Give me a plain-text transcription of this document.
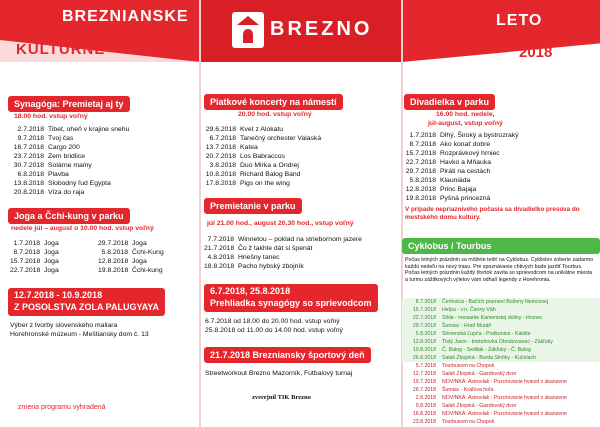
BREZNIANSKE
KULTÚRNE
LETO
2018
BREZNO
Synagóga: Premietaj aj ty
18.00 hod. vstup voľný
2.7.2018 Tibet, oheň v krajine snehu
9.7.2018 Tvoj čas
16.7.2018 Cargo 200
23.7.2018 Zem bridlice
30.7.2018 Solárne mamy
6.8.2018 Plavba
13.8.2018 Slobodný ľud Egypta
20.8.2018 Víza do raja
Joga a Čchi-kung v parku
nedele júl – august o 10.00 hod. vstup voľný
1.7.2018 Joga
8.7.2018 Joga
15.7.2018 Joga
22.7.2018 Joga
29.7.2018 Joga
5.8.2018 Čchi-Kung
12.8.2018 Joga
19.8.2018 Čchi-kung
12.7.2018 - 10.9.2018
Z POSOLSTVA ZOLA PALUGYAYA
Výber z tvorby slovenského maliara
Horehronské múzeum - Meštiansky dom č. 13
zmena programu vyhradená
Piatkové koncerty na námestí
20.00 hod. vstup voľný
29.6.2018 Kvet z Alokatu
6.7.2018 Tanečný orchester Valaská
13.7.2018 Katea
20.7.2018 Los Babraccos
3.8.2018 Duo Mirka a Ondrej
10.8.2018 Richard Balog Band
17.8.2018 Pigs on the wing
Premietanie v parku
júl 21.00 hod., august 20.30 hod., vstup voľný
7.7.2018 Winnetou – poklad na striebornom jazere
21.7.2018 Čo ž takhle dát si špenát
4.8.2018 Hriešny tanec
18.8.2018 Pacho hybský zbojník
6.7.2018, 25.8.2018
Prehliadka synagógy so sprievodcom
6.7.2018 od 18.00 do 20.00 hod. vstup voľný
25.8.2018 od 11.00 do 14.00 hod. vstup voľný
21.7.2018 Brezniansky športový deň
Streetworkout Brezno Mazorník, Futbalový turnaj
zverejnil TIK Brezno
Divadielka v parku
16.00 hod. nedele,
júl-august, vstup voľný
1.7.2018 Dlhý, Široký a bystrozraký
8.7.2018 Ako konať dobre
15.7.2018 Rozprávkový hrniec
22.7.2018 Havko a Mňauka
29.7.2018 Piráti na cestách
5.8.2018 Klauniáda
12.8.2018 Princ Bajaja
19.8.2018 Pyšná princezná
V prípade nepriaznivého počasia sa divadielko presúva do mestského domu kultúry.
Cyklobus / Tourbus
Počas letných prázdnin sa môžete tešiť na Cyklobus. Cyklistov zoberie zadarmo každú nedeľu na nový trasu. Pre spoznávanie chtivých bude jazdiť Tourbus. Počas letných prázdnin každý štvrtok zavíta so sprievodcom na unikátne miesta a turmu zážitkových výletov vám odhalí legendy z Horehronia.
8.7.2018 Čertovica - Bačích pramení Boženy Nemcovej
15.7.2018 Heľpa - v.n. Čierny Váh
22.7.2018 Sihla - mesiarke Kamenistej doliny - Hronec
29.7.2018 Šumiac - Hrad Muráň
5.8.2018 Slovenská Ľupča - Podkonice - Kalište
12.8.2018 Tlstý Javor - breteňovka Obrubovanec - Zákľuky
19.8.2018 Č. Balog - Sedliak - Zákľuky - Č. Balog
26.8.2018 Salaš Zbojská - Burda Slnôky - Kučelach
5.7.2018 Tourbusom na Chopok
12.7.2018 Salaš Zbojská - Gazdovský dvor
19.7.2018 NOVINKA: Astrovlak - Pozorovanie hviezd v skanzene
26.7.2018 Šumiac - Kráľova hoľa
2.8.2018 NOVINKA: Astrovlak - Pozorovanie hviezd v skanzene
9.8.2018 Salaš Zbojská - Gazdovský dvor
16.8.2018 NOVINKA: Astrovlak - Pozorovanie hviezd v skanzene
23.8.2018 Tourbusom na Chopok
